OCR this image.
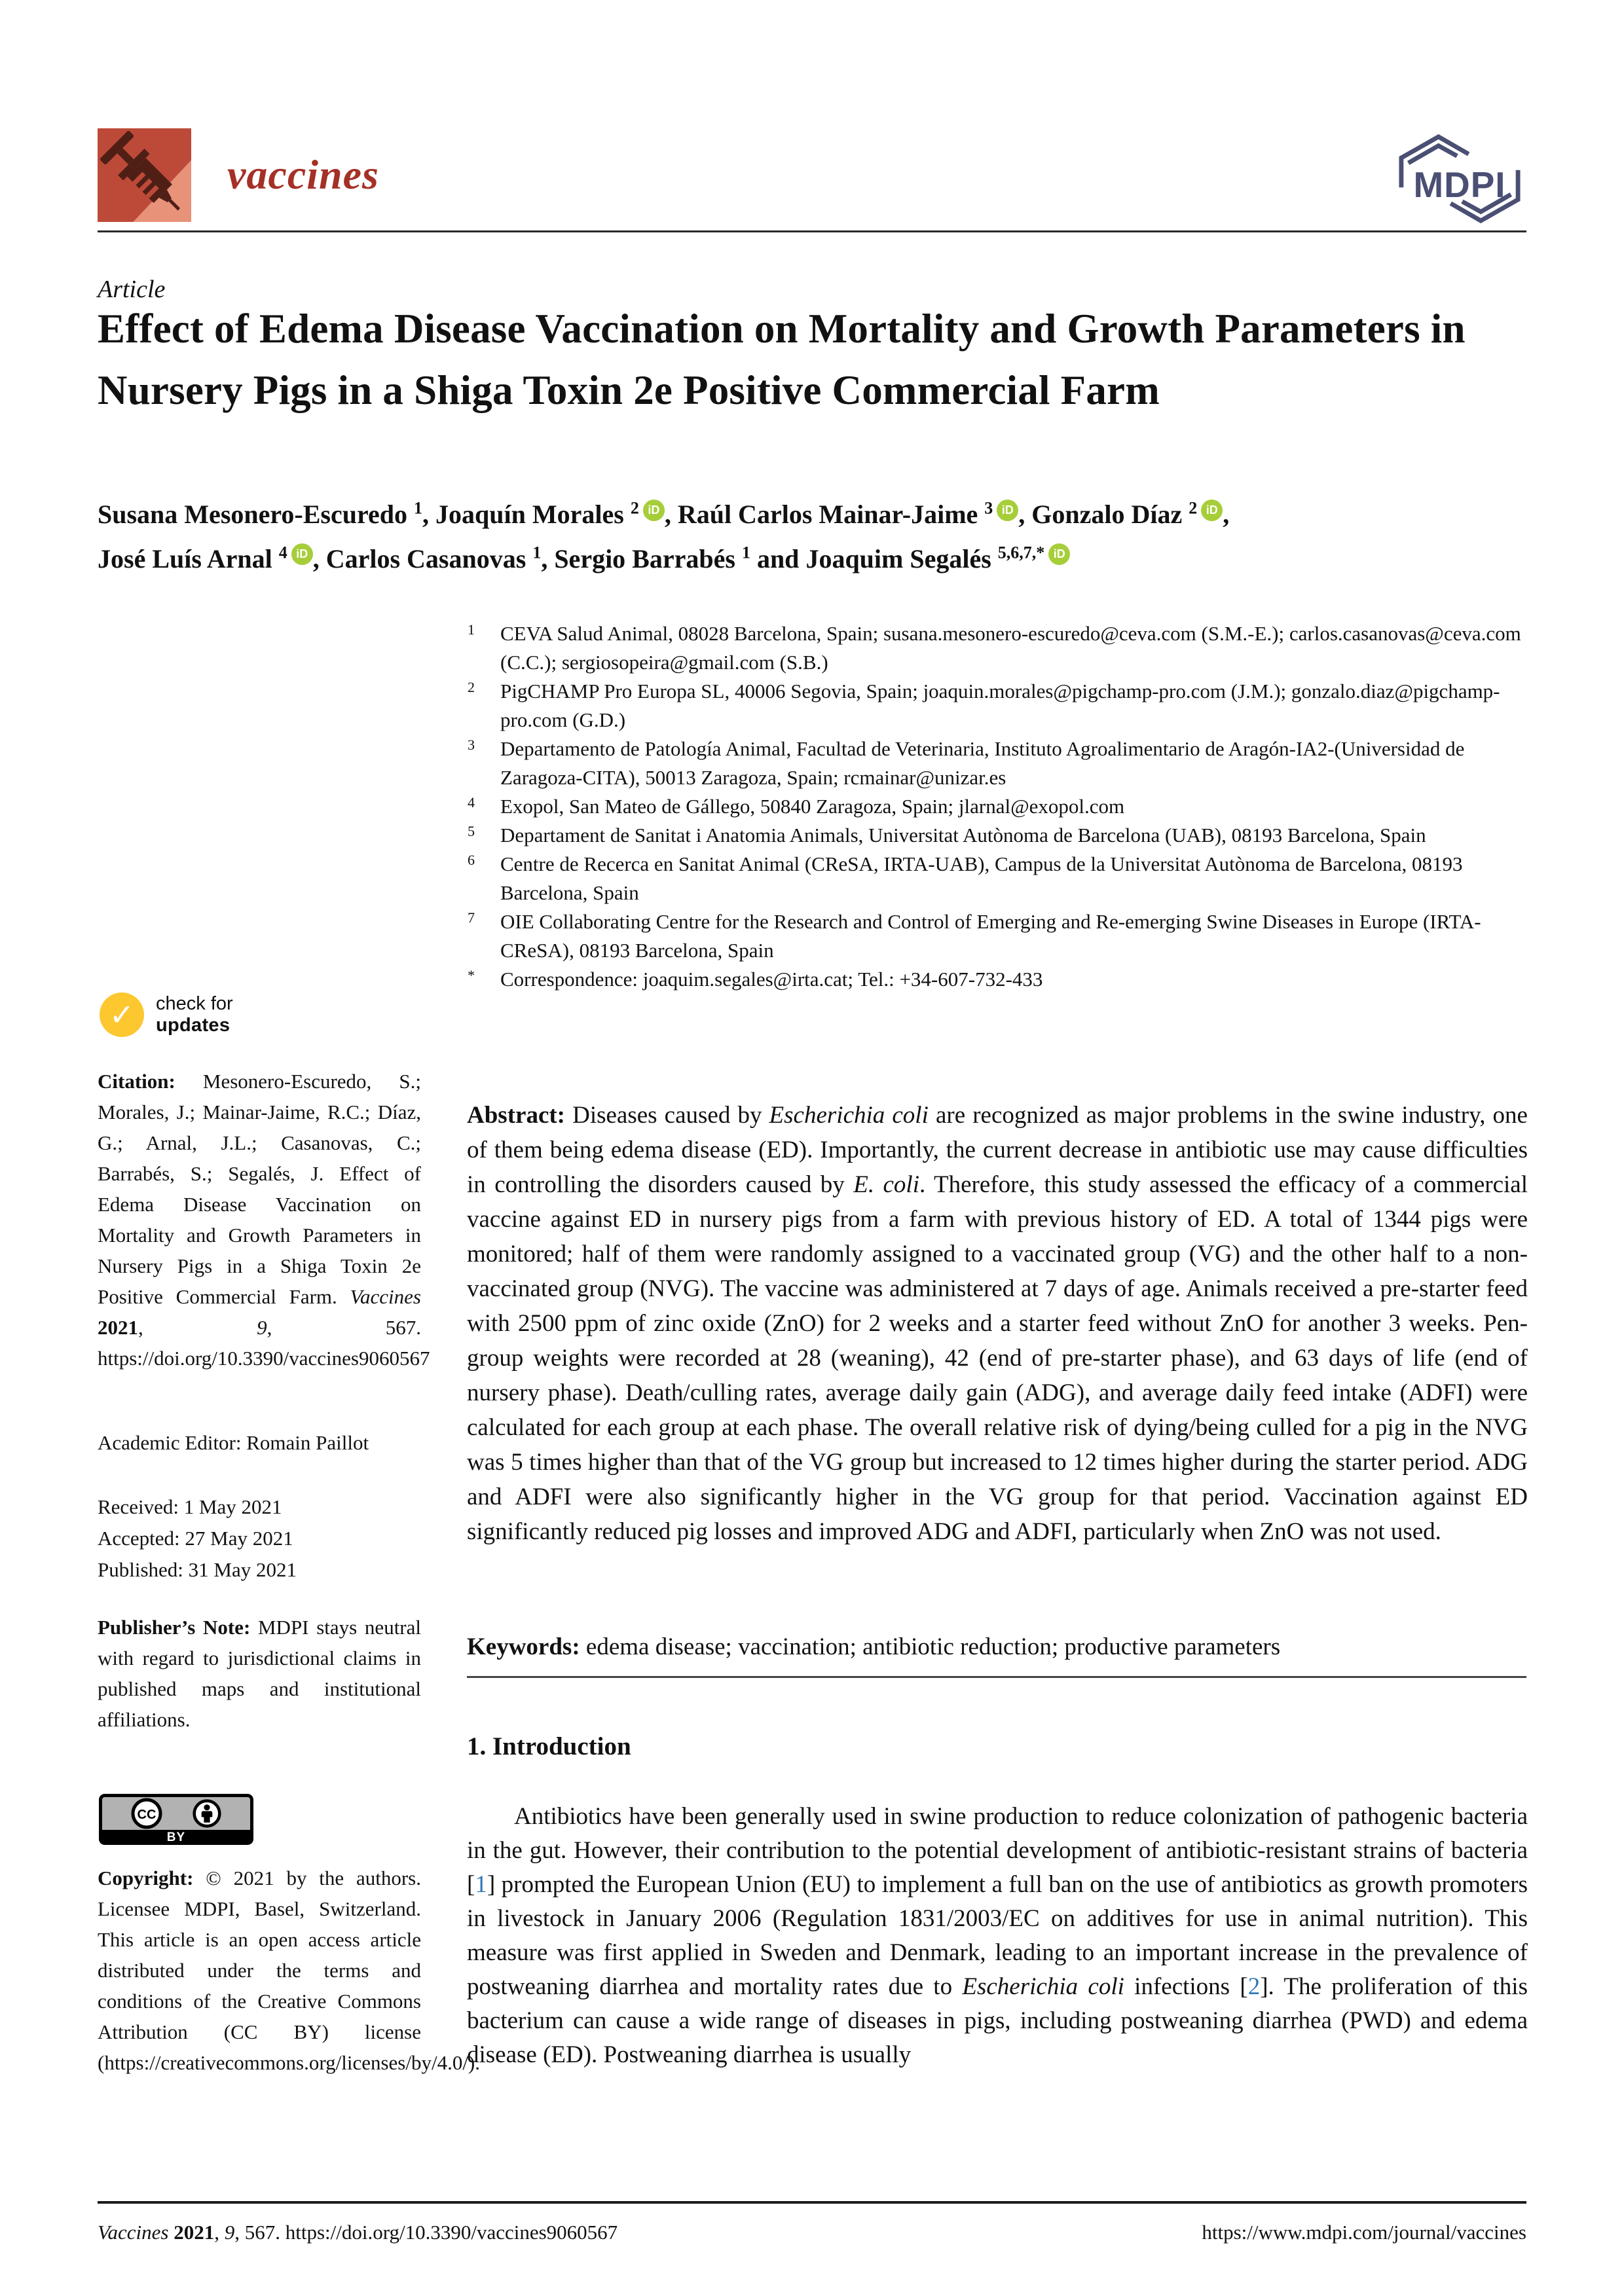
vaccines	MDPI
Article
Effect of Edema Disease Vaccination on Mortality and Growth Parameters in Nursery Pigs in a Shiga Toxin 2e Positive Commercial Farm
Susana Mesonero-Escuredo $^1$, Joaquín Morales $^2$ iD , Raúl Carlos Mainar-Jaime $^3$ iD , Gonzalo Díaz $^2$ iD ,
José Luís Arnal $^4$ iD , Carlos Casanovas $^1$, Sergio Barrabés $^1$ and Joaquim Segalés $^{5,6,7,*}$ iD
1	CEVA Salud Animal, 08028 Barcelona, Spain; susana.mesonero-escuredo@ceva.com (S.M.-E.); carlos.casanovas@ceva.com (C.C.); sergiosopeira@gmail.com (S.B.)
2	PigCHAMP Pro Europa SL, 40006 Segovia, Spain; joaquin.morales@pigchamp-pro.com (J.M.); gonzalo.diaz@pigchamp-pro.com (G.D.)
3	Departamento de Patología Animal, Facultad de Veterinaria, Instituto Agroalimentario de Aragón-IA2-(Universidad de Zaragoza-CITA), 50013 Zaragoza, Spain; rcmainar@unizar.es
4	Exopol, San Mateo de Gállego, 50840 Zaragoza, Spain; jlarnal@exopol.com
5	Departament de Sanitat i Anatomia Animals, Universitat Autònoma de Barcelona (UAB), 08193 Barcelona, Spain
6	Centre de Recerca en Sanitat Animal (CReSA, IRTA-UAB), Campus de la Universitat Autònoma de Barcelona, 08193 Barcelona, Spain
7	OIE Collaborating Centre for the Research and Control of Emerging and Re-emerging Swine Diseases in Europe (IRTA-CReSA), 08193 Barcelona, Spain
*	Correspondence: joaquim.segales@irta.cat; Tel.: +34-607-732-433

Abstract: Diseases caused by Escherichia coli are recognized as major problems in the swine industry, one of them being edema disease (ED). Importantly, the current decrease in antibiotic use may cause difficulties in controlling the disorders caused by E. coli. Therefore, this study assessed the efficacy of a commercial vaccine against ED in nursery pigs from a farm with previous history of ED. A total of 1344 pigs were monitored; half of them were randomly assigned to a vaccinated group (VG) and the other half to a non-vaccinated group (NVG). The vaccine was administered at 7 days of age. Animals received a pre-starter feed with 2500 ppm of zinc oxide (ZnO) for 2 weeks and a starter feed without ZnO for another 3 weeks. Pen-group weights were recorded at 28 (weaning), 42 (end of pre-starter phase), and 63 days of life (end of nursery phase). Death/culling rates, average daily gain (ADG), and average daily feed intake (ADFI) were calculated for each group at each phase. The overall relative risk of dying/being culled for a pig in the NVG was 5 times higher than that of the VG group but increased to 12 times higher during the starter period. ADG and ADFI were also significantly higher in the VG group for that period. Vaccination against ED significantly reduced pig losses and improved ADG and ADFI, particularly when ZnO was not used.

Keywords: edema disease; vaccination; antibiotic reduction; productive parameters

1. Introduction

Antibiotics have been generally used in swine production to reduce colonization of pathogenic bacteria in the gut. However, their contribution to the potential development of antibiotic-resistant strains of bacteria [1] prompted the European Union (EU) to implement a full ban on the use of antibiotics as growth promoters in livestock in January 2006 (Regulation 1831/2003/EC on additives for use in animal nutrition). This measure was first applied in Sweden and Denmark, leading to an important increase in the prevalence of postweaning diarrhea and mortality rates due to Escherichia coli infections [2]. The proliferation of this bacterium can cause a wide range of diseases in pigs, including postweaning diarrhea (PWD) and edema disease (ED). Postweaning diarrhea is usually

✓	check for
updates
Citation: Mesonero-Escuredo, S.; Morales, J.; Mainar-Jaime, R.C.; Díaz, G.; Arnal, J.L.; Casanovas, C.; Barrabés, S.; Segalés, J. Effect of Edema Disease Vaccination on Mortality and Growth Parameters in Nursery Pigs in a Shiga Toxin 2e Positive Commercial Farm. Vaccines 2021, 9, 567. https://doi.org/10.3390/vaccines9060567
Academic Editor: Romain Paillot
Received: 1 May 2021
Accepted: 27 May 2021
Published: 31 May 2021
Publisher’s Note: MDPI stays neutral with regard to jurisdictional claims in published maps and institutional affiliations.
CC
BY
Copyright: © 2021 by the authors. Licensee MDPI, Basel, Switzerland. This article is an open access article distributed under the terms and conditions of the Creative Commons Attribution (CC BY) license (https://creativecommons.org/licenses/by/4.0/).
Vaccines 2021, 9, 567. https://doi.org/10.3390/vaccines9060567	https://www.mdpi.com/journal/vaccines
